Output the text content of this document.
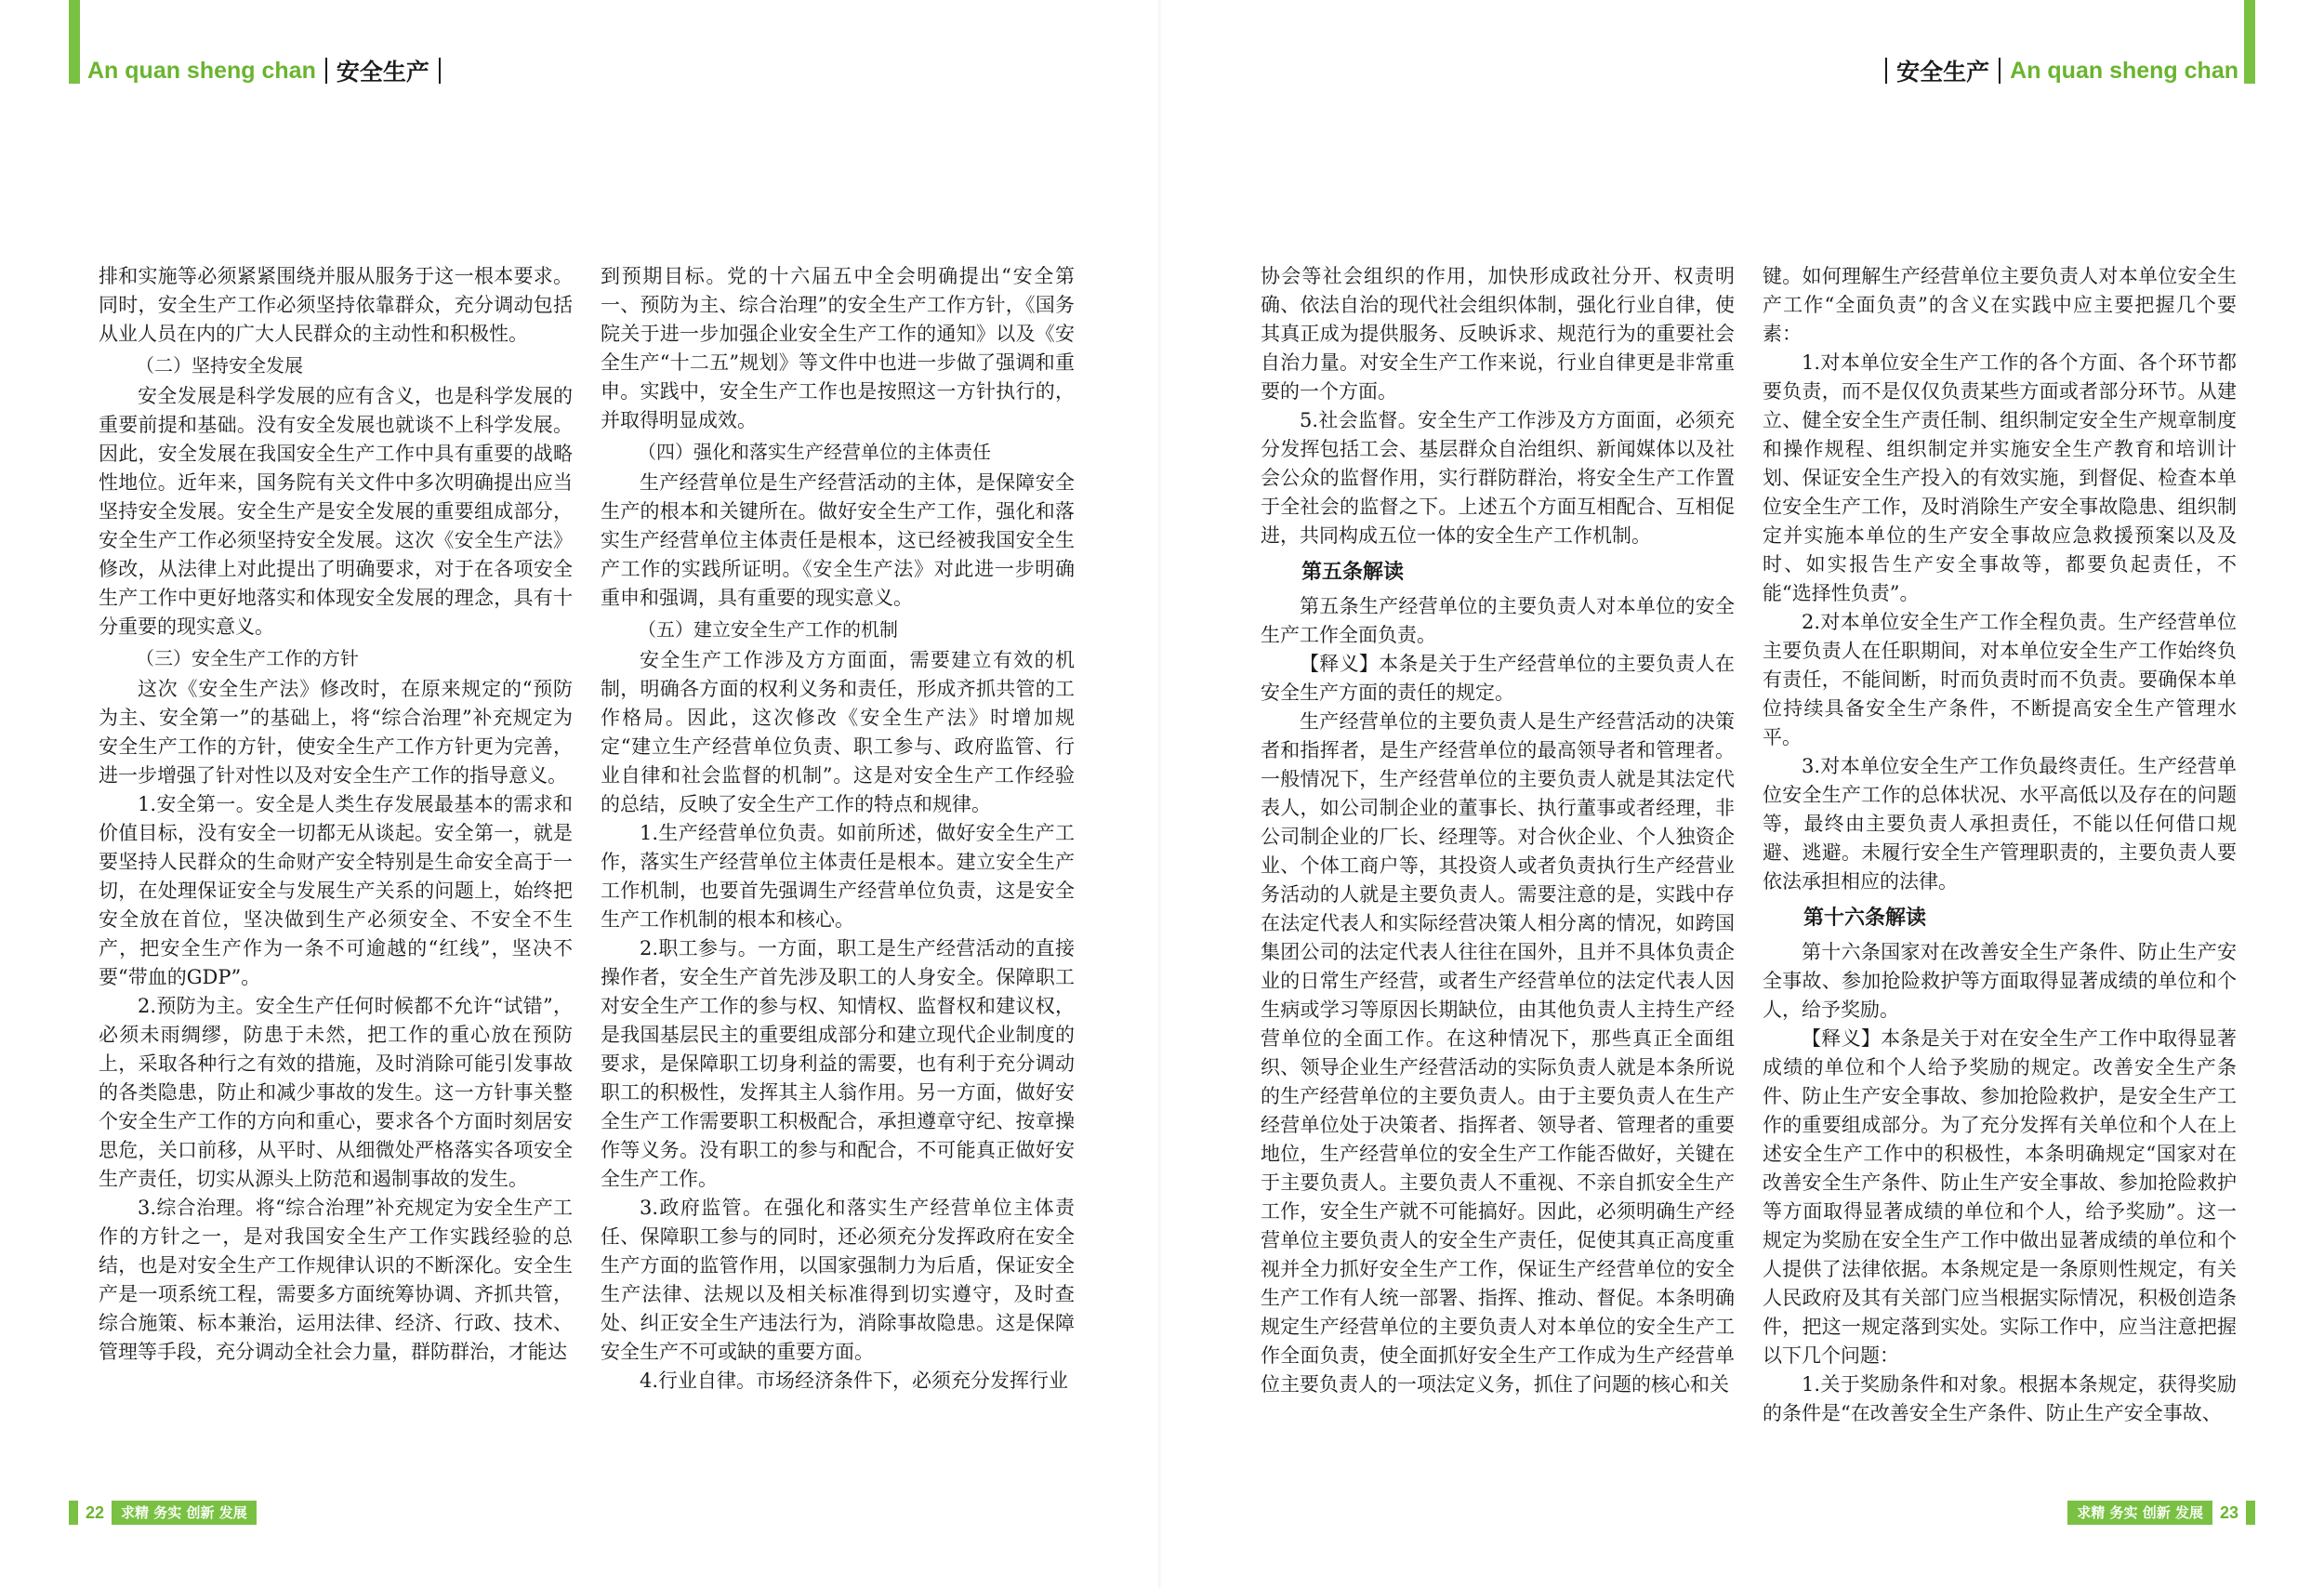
An quan sheng chan 安全生产

排和实施等必须紧紧围绕并服从服务于这一根本要求。同时，安全生产工作必须坚持依靠群众，充分调动包括从业人员在内的广大人民群众的主动性和积极性。

（二）坚持安全发展

安全发展是科学发展的应有含义，也是科学发展的重要前提和基础。没有安全发展也就谈不上科学发展。因此，安全发展在我国安全生产工作中具有重要的战略性地位。近年来，国务院有关文件中多次明确提出应当坚持安全发展。安全生产是安全发展的重要组成部分，安全生产工作必须坚持安全发展。这次《安全生产法》修改，从法律上对此提出了明确要求，对于在各项安全生产工作中更好地落实和体现安全发展的理念，具有十分重要的现实意义。

（三）安全生产工作的方针

这次《安全生产法》修改时，在原来规定的“预防为主、安全第一”的基础上，将“综合治理”补充规定为安全生产工作的方针，使安全生产工作方针更为完善，进一步增强了针对性以及对安全生产工作的指导意义。

1.安全第一。安全是人类生存发展最基本的需求和价值目标，没有安全一切都无从谈起。安全第一，就是要坚持人民群众的生命财产安全特别是生命安全高于一切，在处理保证安全与发展生产关系的问题上，始终把安全放在首位，坚决做到生产必须安全、不安全不生产，把安全生产作为一条不可逾越的“红线”，坚决不要“带血的GDP”。

2.预防为主。安全生产任何时候都不允许“试错”，必须未雨绸缪，防患于未然，把工作的重心放在预防上，采取各种行之有效的措施，及时消除可能引发事故的各类隐患，防止和减少事故的发生。这一方针事关整个安全生产工作的方向和重心，要求各个方面时刻居安思危，关口前移，从平时、从细微处严格落实各项安全生产责任，切实从源头上防范和遏制事故的发生。

3.综合治理。将“综合治理”补充规定为安全生产工作的方针之一，是对我国安全生产工作实践经验的总结，也是对安全生产工作规律认识的不断深化。安全生产是一项系统工程，需要多方面统筹协调、齐抓共管，综合施策、标本兼治，运用法律、经济、行政、技术、管理等手段，充分调动全社会力量，群防群治，才能达

到预期目标。党的十六届五中全会明确提出“安全第一、预防为主、综合治理”的安全生产工作方针，《国务院关于进一步加强企业安全生产工作的通知》以及《安全生产“十二五”规划》等文件中也进一步做了强调和重申。实践中，安全生产工作也是按照这一方针执行的，并取得明显成效。

（四）强化和落实生产经营单位的主体责任

生产经营单位是生产经营活动的主体，是保障安全生产的根本和关键所在。做好安全生产工作，强化和落实生产经营单位主体责任是根本，这已经被我国安全生产工作的实践所证明。《安全生产法》对此进一步明确重申和强调，具有重要的现实意义。

（五）建立安全生产工作的机制

安全生产工作涉及方方面面，需要建立有效的机制，明确各方面的权利义务和责任，形成齐抓共管的工作格局。因此，这次修改《安全生产法》时增加规定“建立生产经营单位负责、职工参与、政府监管、行业自律和社会监督的机制”。这是对安全生产工作经验的总结，反映了安全生产工作的特点和规律。

1.生产经营单位负责。如前所述，做好安全生产工作，落实生产经营单位主体责任是根本。建立安全生产工作机制，也要首先强调生产经营单位负责，这是安全生产工作机制的根本和核心。

2.职工参与。一方面，职工是生产经营活动的直接操作者，安全生产首先涉及职工的人身安全。保障职工对安全生产工作的参与权、知情权、监督权和建议权，是我国基层民主的重要组成部分和建立现代企业制度的要求，是保障职工切身利益的需要，也有利于充分调动职工的积极性，发挥其主人翁作用。另一方面，做好安全生产工作需要职工积极配合，承担遵章守纪、按章操作等义务。没有职工的参与和配合，不可能真正做好安全生产工作。

3.政府监管。在强化和落实生产经营单位主体责任、保障职工参与的同时，还必须充分发挥政府在安全生产方面的监管作用，以国家强制力为后盾，保证安全生产法律、法规以及相关标准得到切实遵守，及时查处、纠正安全生产违法行为，消除事故隐患。这是保障安全生产不可或缺的重要方面。

4.行业自律。市场经济条件下，必须充分发挥行业

22	求精 务实 创新 发展
安全生产 An quan sheng chan

协会等社会组织的作用，加快形成政社分开、权责明确、依法自治的现代社会组织体制，强化行业自律，使其真正成为提供服务、反映诉求、规范行为的重要社会自治力量。对安全生产工作来说，行业自律更是非常重要的一个方面。

5.社会监督。安全生产工作涉及方方面面，必须充分发挥包括工会、基层群众自治组织、新闻媒体以及社会公众的监督作用，实行群防群治，将安全生产工作置于全社会的监督之下。上述五个方面互相配合、互相促进，共同构成五位一体的安全生产工作机制。

第五条解读

第五条生产经营单位的主要负责人对本单位的安全生产工作全面负责。

【释义】本条是关于生产经营单位的主要负责人在安全生产方面的责任的规定。

生产经营单位的主要负责人是生产经营活动的决策者和指挥者，是生产经营单位的最高领导者和管理者。一般情况下，生产经营单位的主要负责人就是其法定代表人，如公司制企业的董事长、执行董事或者经理，非公司制企业的厂长、经理等。对合伙企业、个人独资企业、个体工商户等，其投资人或者负责执行生产经营业务活动的人就是主要负责人。需要注意的是，实践中存在法定代表人和实际经营决策人相分离的情况，如跨国集团公司的法定代表人往往在国外，且并不具体负责企业的日常生产经营，或者生产经营单位的法定代表人因生病或学习等原因长期缺位，由其他负责人主持生产经营单位的全面工作。在这种情况下，那些真正全面组织、领导企业生产经营活动的实际负责人就是本条所说的生产经营单位的主要负责人。由于主要负责人在生产经营单位处于决策者、指挥者、领导者、管理者的重要地位，生产经营单位的安全生产工作能否做好，关键在于主要负责人。主要负责人不重视、不亲自抓安全生产工作，安全生产就不可能搞好。因此，必须明确生产经营单位主要负责人的安全生产责任，促使其真正高度重视并全力抓好安全生产工作，保证生产经营单位的安全生产工作有人统一部署、指挥、推动、督促。本条明确规定生产经营单位的主要负责人对本单位的安全生产工作全面负责，使全面抓好安全生产工作成为生产经营单位主要负责人的一项法定义务，抓住了问题的核心和关

键。如何理解生产经营单位主要负责人对本单位安全生产工作“全面负责”的含义在实践中应主要把握几个要素：

1.对本单位安全生产工作的各个方面、各个环节都要负责，而不是仅仅负责某些方面或者部分环节。从建立、健全安全生产责任制、组织制定安全生产规章制度和操作规程、组织制定并实施安全生产教育和培训计划、保证安全生产投入的有效实施，到督促、检查本单位安全生产工作，及时消除生产安全事故隐患、组织制定并实施本单位的生产安全事故应急救援预案以及及时、如实报告生产安全事故等，都要负起责任，不能“选择性负责”。

2.对本单位安全生产工作全程负责。生产经营单位主要负责人在任职期间，对本单位安全生产工作始终负有责任，不能间断，时而负责时而不负责。要确保本单位持续具备安全生产条件，不断提高安全生产管理水平。

3.对本单位安全生产工作负最终责任。生产经营单位安全生产工作的总体状况、水平高低以及存在的问题等，最终由主要负责人承担责任，不能以任何借口规避、逃避。未履行安全生产管理职责的，主要负责人要依法承担相应的法律。

第十六条解读

第十六条国家对在改善安全生产条件、防止生产安全事故、参加抢险救护等方面取得显著成绩的单位和个人，给予奖励。

【释义】本条是关于对在安全生产工作中取得显著成绩的单位和个人给予奖励的规定。改善安全生产条件、防止生产安全事故、参加抢险救护，是安全生产工作的重要组成部分。为了充分发挥有关单位和个人在上述安全生产工作中的积极性，本条明确规定“国家对在改善安全生产条件、防止生产安全事故、参加抢险救护等方面取得显著成绩的单位和个人，给予奖励”。这一规定为奖励在安全生产工作中做出显著成绩的单位和个人提供了法律依据。本条规定是一条原则性规定，有关人民政府及其有关部门应当根据实际情况，积极创造条件，把这一规定落到实处。实际工作中，应当注意把握以下几个问题：

1.关于奖励条件和对象。根据本条规定，获得奖励的条件是“在改善安全生产条件、防止生产安全事故、

求精 务实 创新 发展	23
